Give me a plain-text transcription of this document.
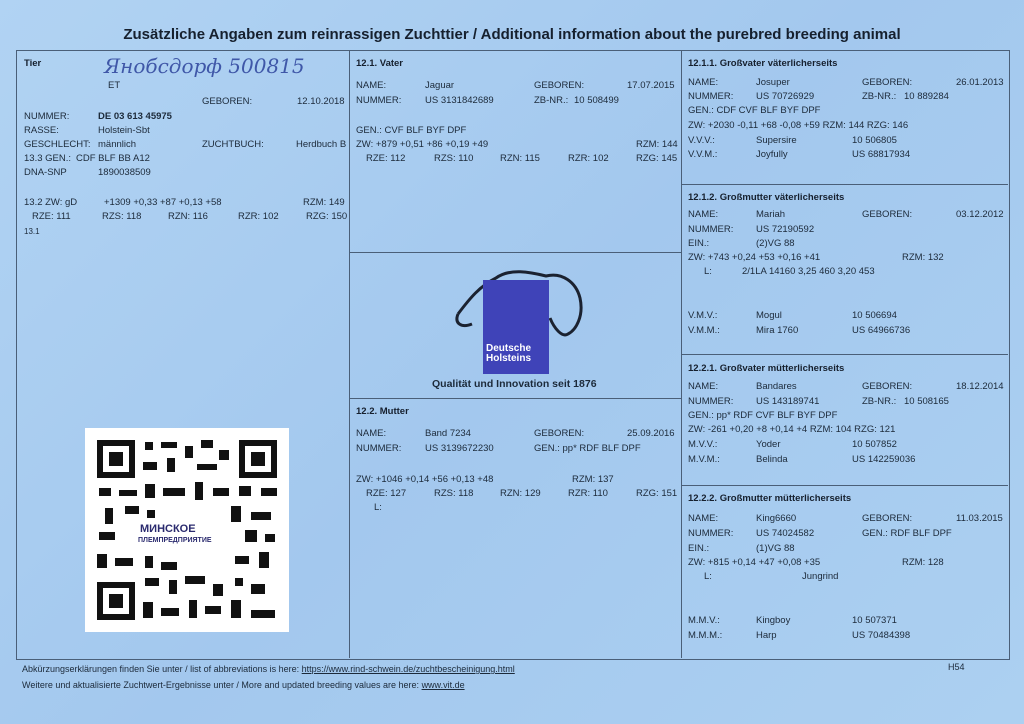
Zusätzliche Angaben zum reinrassigen Zuchttier / Additional information about the purebred breeding animal
Tier	Янобсдорф 500815
ET
GEBOREN:	12.10.2018
NUMMER:	DE 03 613 45975
RASSE:	Holstein-Sbt
GESCHLECHT: männlich	ZUCHTBUCH:	Herdbuch B
13.3 GEN.: CDF BLF BB A12
DNA-SNP	1890038509
13.2 ZW: gD	+1309 +0,33 +87 +0,13 +58	RZM: 149
RZE: 111	RZS: 118	RZN: 116	RZR: 102	RZG: 150
13.1
МИНСКОЕ
ПЛЕМПРЕДПРИЯТИЕ
12.1. Vater
NAME:	Jaguar	GEBOREN:	17.07.2015
NUMMER: US 3131842689	ZB-NR.: 10 508499
GEN.: CVF BLF BYF DPF
ZW: +879 +0,51 +86 +0,19 +49	RZM: 144
RZE: 112	RZS: 110	RZN: 115	RZR: 102	RZG: 145
Deutsche
Holsteins
Qualität und Innovation seit 1876
12.2. Mutter
NAME:	Band 7234	GEBOREN:	25.09.2016
NUMMER: US 3139672230	GEN.: pp* RDF BLF DPF
ZW: +1046 +0,14 +56 +0,13 +48	RZM: 137
RZE: 127	RZS: 118	RZN: 129	RZR: 110	RZG: 151
L:
12.1.1. Großvater väterlicherseits
NAME:	Josuper	GEBOREN:	26.01.2013
NUMMER: US 70726929	ZB-NR.: 10 889284
GEN.: CDF CVF BLF BYF DPF
ZW: +2030 -0,11 +68 -0,08 +59 RZM: 144 RZG: 146
V.V.V.:	Supersire	10 506805
V.V.M.:	Joyfully	US 68817934
12.1.2. Großmutter väterlicherseits
NAME:	Mariah	GEBOREN:	03.12.2012
NUMMER: US 72190592
EIN.:	(2)VG 88
ZW: +743 +0,24 +53 +0,16 +41	RZM: 132
L:	2/1LA 14160 3,25 460 3,20 453
V.M.V.:	Mogul	10 506694
V.M.M.:	Mira 1760	US 64966736
12.2.1. Großvater mütterlicherseits
NAME:	Bandares	GEBOREN:	18.12.2014
NUMMER: US 143189741	ZB-NR.: 10 508165
GEN.: pp* RDF CVF BLF BYF DPF
ZW: -261 +0,20 +8 +0,14 +4 RZM: 104 RZG: 121
M.V.V.:	Yoder	10 507852
M.V.M.:	Belinda	US 142259036
12.2.2. Großmutter mütterlicherseits
NAME:	King6660	GEBOREN:	11.03.2015
NUMMER: US 74024582	GEN.: RDF BLF DPF
EIN.:	(1)VG 88
ZW: +815 +0,14 +47 +0,08 +35	RZM: 128
L:	Jungrind
M.M.V.:	Kingboy	10 507371
M.M.M.:	Harp	US 70484398
Abkürzungserklärungen finden Sie unter / list of abbreviations is here: https://www.rind-schwein.de/zuchtbescheinigung.html
Weitere und aktualisierte Zuchtwert-Ergebnisse unter / More and updated breeding values are here: www.vit.de
H54
